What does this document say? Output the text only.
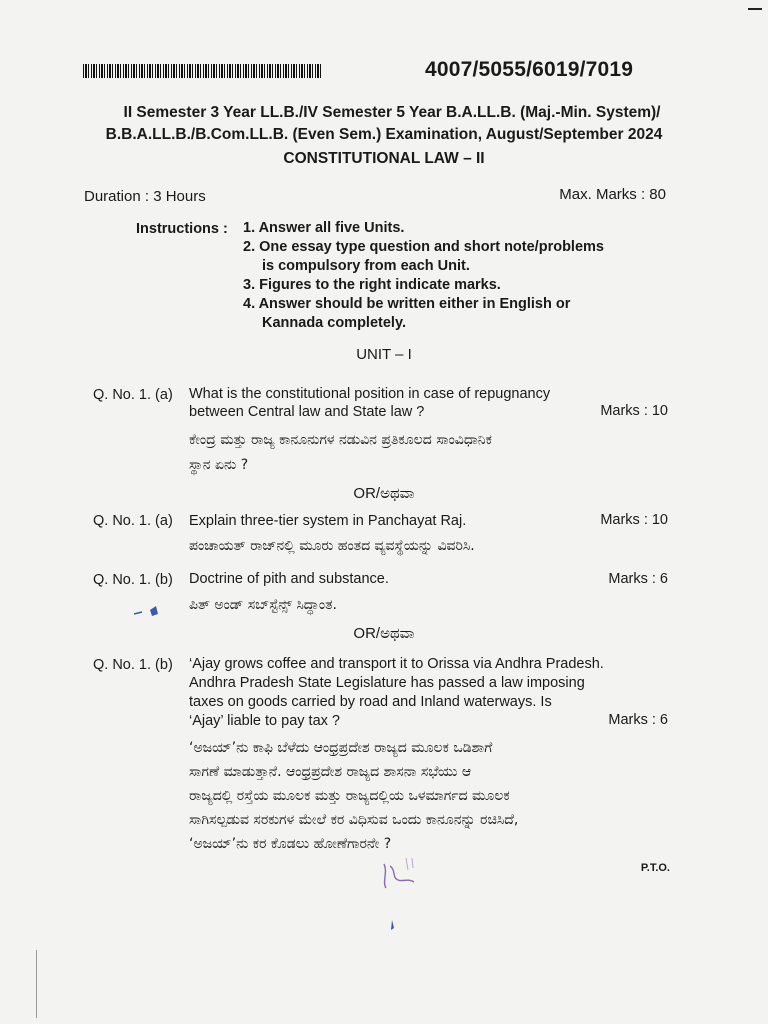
4007/5055/6019/7019
II Semester 3 Year LL.B./IV Semester 5 Year B.A.LL.B. (Maj.-Min. System)/
B.B.A.LL.B./B.Com.LL.B. (Even Sem.) Examination, August/September 2024
CONSTITUTIONAL LAW – II
Duration : 3 Hours	Max. Marks : 80
Instructions : 1. Answer all five Units.
2. One essay type question and short note/problems
is compulsory from each Unit.
3. Figures to the right indicate marks.
4. Answer should be written either in English or
Kannada completely.
UNIT – I
Q. No. 1. (a) What is the constitutional position in case of repugnancy
between Central law and State law ?	Marks : 10
ಕೇಂದ್ರ ಮತ್ತು ರಾಜ್ಯ ಕಾನೂನುಗಳ ನಡುವಿನ ಪ್ರತಿಕೂಲದ ಸಾಂವಿಧಾನಿಕ
ಸ್ಥಾನ ಏನು ?
OR/ಅಥವಾ
Q. No. 1. (a) Explain three-tier system in Panchayat Raj.	Marks : 10
ಪಂಚಾಯತ್ ರಾಜ್‌ನಲ್ಲಿ ಮೂರು ಹಂತದ ವ್ಯವಸ್ಥೆಯನ್ನು ವಿವರಿಸಿ.
Q. No. 1. (b) Doctrine of pith and substance.	Marks : 6
ಪಿತ್ ಅಂಡ್ ಸಬ್‌ಸ್ಟೆನ್ಸ್ ಸಿದ್ಧಾಂತ.
OR/ಅಥವಾ
Q. No. 1. (b) ‘Ajay grows coffee and transport it to Orissa via Andhra Pradesh.
Andhra Pradesh State Legislature has passed a law imposing
taxes on goods carried by road and Inland waterways. Is
‘Ajay’ liable to pay tax ?	Marks : 6
‘ಅಜಯ್’ನು ಕಾಫಿ ಬೆಳೆದು ಆಂಧ್ರಪ್ರದೇಶ ರಾಜ್ಯದ ಮೂಲಕ ಒಡಿಶಾಗೆ
ಸಾಗಣೆ ಮಾಡುತ್ತಾನೆ. ಆಂಧ್ರಪ್ರದೇಶ ರಾಜ್ಯದ ಶಾಸನಾ ಸಭೆಯು ಆ
ರಾಜ್ಯದಲ್ಲಿ ರಸ್ತೆಯ ಮೂಲಕ ಮತ್ತು ರಾಜ್ಯದಲ್ಲಿಯ ಒಳಮಾರ್ಗದ ಮೂಲಕ
ಸಾಗಿಸಲ್ಪಡುವ ಸರಕುಗಳ ಮೇಲೆ ಕರ ವಿಧಿಸುವ ಒಂದು ಕಾನೂನನ್ನು ರಚಿಸಿದೆ,
‘ಅಜಯ್’ನು ಕರ ಕೊಡಲು ಹೋಣೆಗಾರನೇ ?
P.T.O.
